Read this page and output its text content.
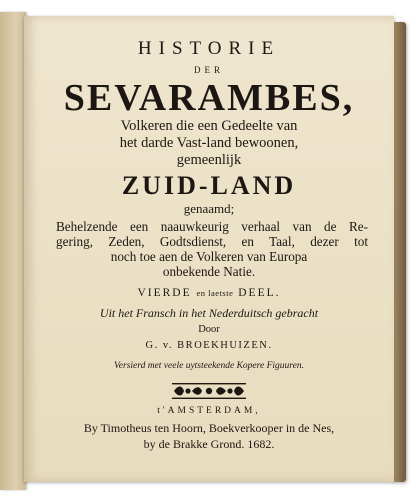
HISTORIE
DER
SEVARAMBES,
Volkeren die een Gedeelte van
het darde Vast-land bewoonen,
gemeenlijk
ZUID-LAND
genaamd;
Behelzende een naauwkeurig verhaal van de Re-
gering, Zeden, Godtsdienst, en Taal, dezer tot
noch toe aen de Volkeren van Europa
onbekende Natie.
VIERDE en laetste DEEL.
Uit het Fransch in het Nederduitsch gebracht
Door
G. v. BROEKHUIZEN.
Versierd met veele uytsteekende Kopere Figuuren.
t'AMSTERDAM,
By Timotheus ten Hoorn, Boekverkooper in de Nes,
by de Brakke Grond. 1682.
